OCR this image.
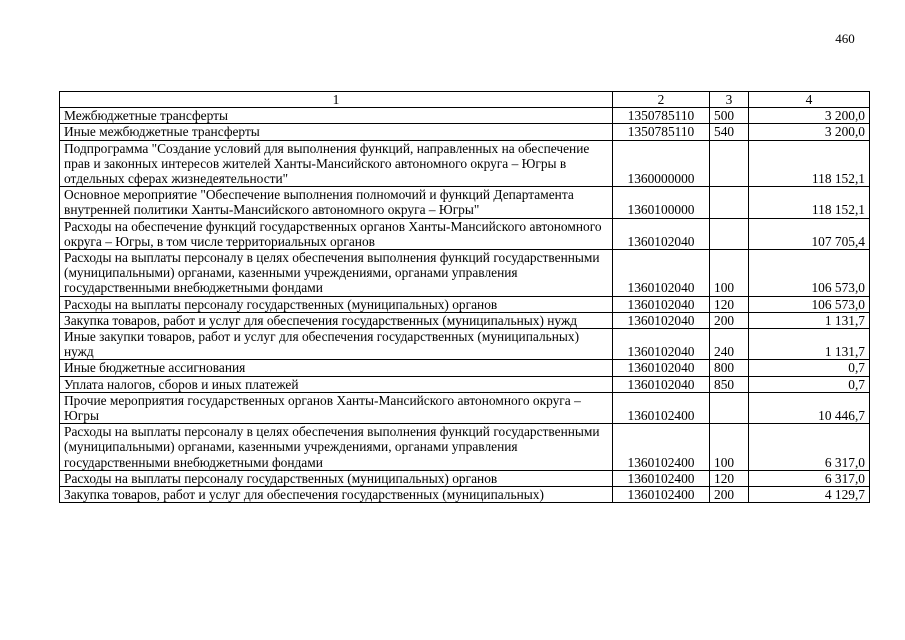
460
1	2	3	4
Межбюджетные трансферты	1350785110	500	3 200,0
Иные межбюджетные трансферты	1350785110	540	3 200,0
Подпрограмма "Создание условий для выполнения функций, направленных на обеспечение прав и законных интересов жителей Ханты-Мансийского автономного округа – Югры в отдельных сферах жизнедеятельности"	1360000000		118 152,1
Основное мероприятие "Обеспечение выполнения полномочий и функций Департамента внутренней политики Ханты-Мансийского автономного округа – Югры"	1360100000		118 152,1
Расходы на обеспечение функций государственных органов Ханты-Мансийского автономного округа – Югры, в том числе территориальных органов	1360102040		107 705,4
Расходы на выплаты персоналу в целях обеспечения выполнения функций государственными (муниципальными) органами, казенными учреждениями, органами управления государственными внебюджетными фондами	1360102040	100	106 573,0
Расходы на выплаты персоналу государственных (муниципальных) органов	1360102040	120	106 573,0
Закупка товаров, работ и услуг для обеспечения государственных (муниципальных) нужд	1360102040	200	1 131,7
Иные закупки товаров, работ и услуг для обеспечения государственных (муниципальных) нужд	1360102040	240	1 131,7
Иные бюджетные ассигнования	1360102040	800	0,7
Уплата налогов, сборов и иных платежей	1360102040	850	0,7
Прочие мероприятия государственных органов Ханты-Мансийского автономного округа – Югры	1360102400		10 446,7
Расходы на выплаты персоналу в целях обеспечения выполнения функций государственными (муниципальными) органами, казенными учреждениями, органами управления государственными внебюджетными фондами	1360102400	100	6 317,0
Расходы на выплаты персоналу государственных (муниципальных) органов	1360102400	120	6 317,0
Закупка товаров, работ и услуг для обеспечения государственных (муниципальных)	1360102400	200	4 129,7
